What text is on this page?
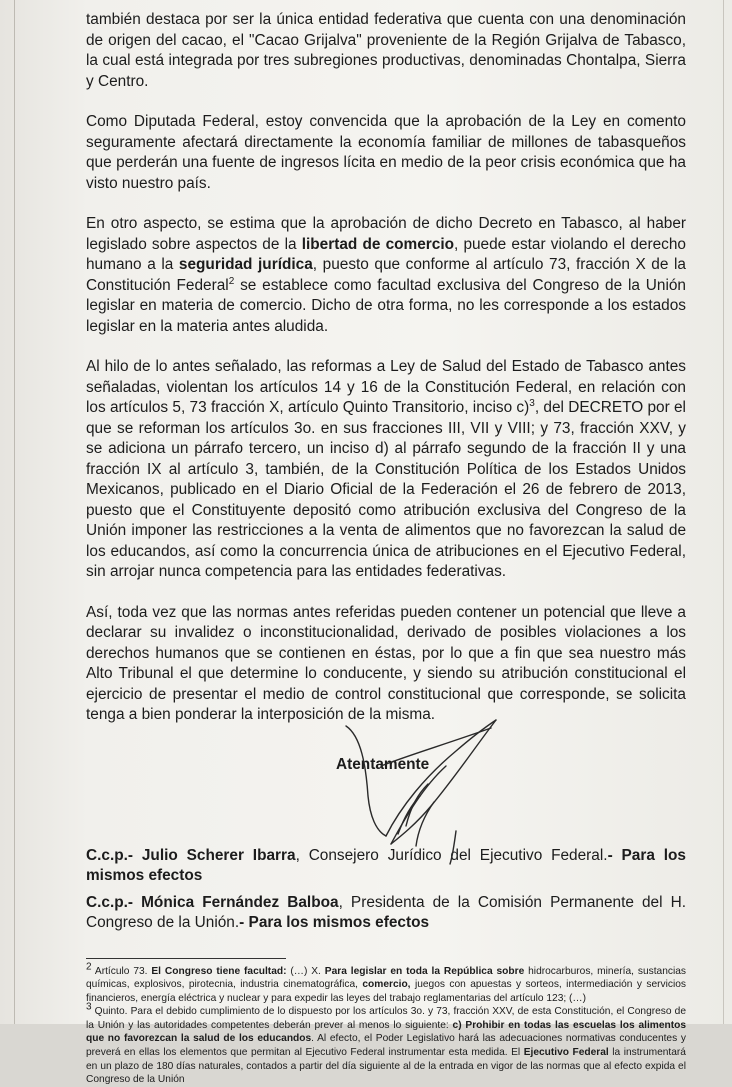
también destaca por ser la única entidad federativa que cuenta con una denominación de origen del cacao, el "Cacao Grijalva" proveniente de la Región Grijalva de Tabasco, la cual está integrada por tres subregiones productivas, denominadas Chontalpa, Sierra y Centro.

Como Diputada Federal, estoy convencida que la aprobación de la Ley en comento seguramente afectará directamente la economía familiar de millones de tabasqueños que perderán una fuente de ingresos lícita en medio de la peor crisis económica que ha visto nuestro país.

En otro aspecto, se estima que la aprobación de dicho Decreto en Tabasco, al haber legislado sobre aspectos de la libertad de comercio, puede estar violando el derecho humano a la seguridad jurídica, puesto que conforme al artículo 73, fracción X de la Constitución Federal$^2$ se establece como facultad exclusiva del Congreso de la Unión legislar en materia de comercio. Dicho de otra forma, no les corresponde a los estados legislar en la materia antes aludida.

Al hilo de lo antes señalado, las reformas a Ley de Salud del Estado de Tabasco antes señaladas, violentan los artículos 14 y 16 de la Constitución Federal, en relación con los artículos 5, 73 fracción X, artículo Quinto Transitorio, inciso c)$^3$, del DECRETO por el que se reforman los artículos 3o. en sus fracciones III, VII y VIII; y 73, fracción XXV, y se adiciona un párrafo tercero, un inciso d) al párrafo segundo de la fracción II y una fracción IX al artículo 3, también, de la Constitución Política de los Estados Unidos Mexicanos, publicado en el Diario Oficial de la Federación el 26 de febrero de 2013, puesto que el Constituyente depositó como atribución exclusiva del Congreso de la Unión imponer las restricciones a la venta de alimentos que no favorezcan la salud de los educandos, así como la concurrencia única de atribuciones en el Ejecutivo Federal, sin arrojar nunca competencia para las entidades federativas.

Así, toda vez que las normas antes referidas pueden contener un potencial que lleve a declarar su invalidez o inconstitucionalidad, derivado de posibles violaciones a los derechos humanos que se contienen en éstas, por lo que a fin que sea nuestro más Alto Tribunal el que determine lo conducente, y siendo su atribución constitucional el ejercicio de presentar el medio de control constitucional que corresponde, se solicita tenga a bien ponderar la interposición de la misma.

Atentamente

C.c.p.- Julio Scherer Ibarra, Consejero Jurídico del Ejecutivo Federal.- Para los mismos efectos

C.c.p.- Mónica Fernández Balboa, Presidenta de la Comisión Permanente del H. Congreso de la Unión.- Para los mismos efectos

$^2$ Artículo 73. El Congreso tiene facultad: (…) X. Para legislar en toda la República sobre hidrocarburos, minería, sustancias químicas, explosivos, pirotecnia, industria cinematográfica, comercio, juegos con apuestas y sorteos, intermediación y servicios financieros, energía eléctrica y nuclear y para expedir las leyes del trabajo reglamentarias del artículo 123; (…)

$^3$ Quinto. Para el debido cumplimiento de lo dispuesto por los artículos 3o. y 73, fracción XXV, de esta Constitución, el Congreso de la Unión y las autoridades competentes deberán prever al menos lo siguiente: c) Prohibir en todas las escuelas los alimentos que no favorezcan la salud de los educandos. Al efecto, el Poder Legislativo hará las adecuaciones normativas conducentes y preverá en ellas los elementos que permitan al Ejecutivo Federal instrumentar esta medida. El Ejecutivo Federal la instrumentará en un plazo de 180 días naturales, contados a partir del día siguiente al de la entrada en vigor de las normas que al efecto expida el Congreso de la Unión
